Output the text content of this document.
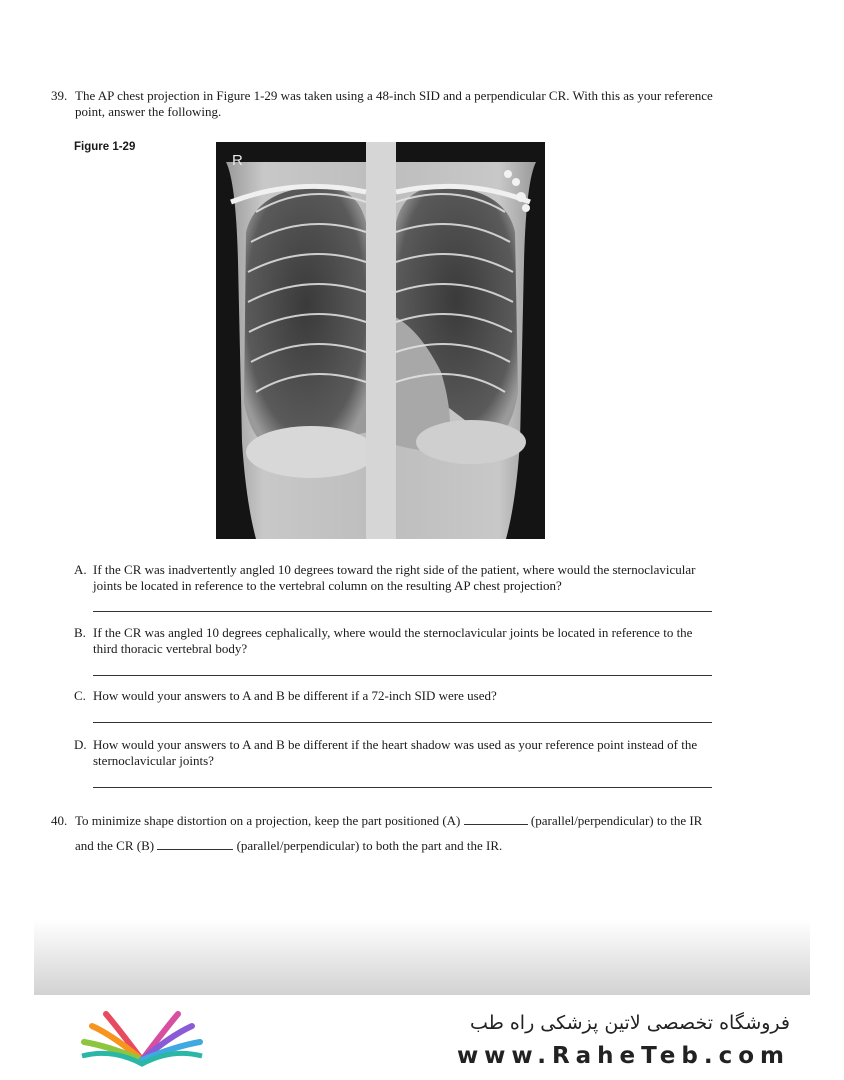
39. The AP chest projection in Figure 1-29 was taken using a 48-inch SID and a perpendicular CR. With this as your reference point, answer the following.
Figure 1-29
R
A. If the CR was inadvertently angled 10 degrees toward the right side of the patient, where would the sternoclavicular joints be located in reference to the vertebral column on the resulting AP chest projection?
B. If the CR was angled 10 degrees cephalically, where would the sternoclavicular joints be located in reference to the third thoracic vertebral body?
C. How would your answers to A and B be different if a 72-inch SID were used?
D. How would your answers to A and B be different if the heart shadow was used as your reference point instead of the sternoclavicular joints?
40. To minimize shape distortion on a projection, keep the part positioned (A)	(parallel/perpendicular) to the IR and the CR (B)	(parallel/perpendicular) to both the part and the IR.
فروشگاه تخصصی لاتین پزشکی راه طب
www.RaheTeb.com
